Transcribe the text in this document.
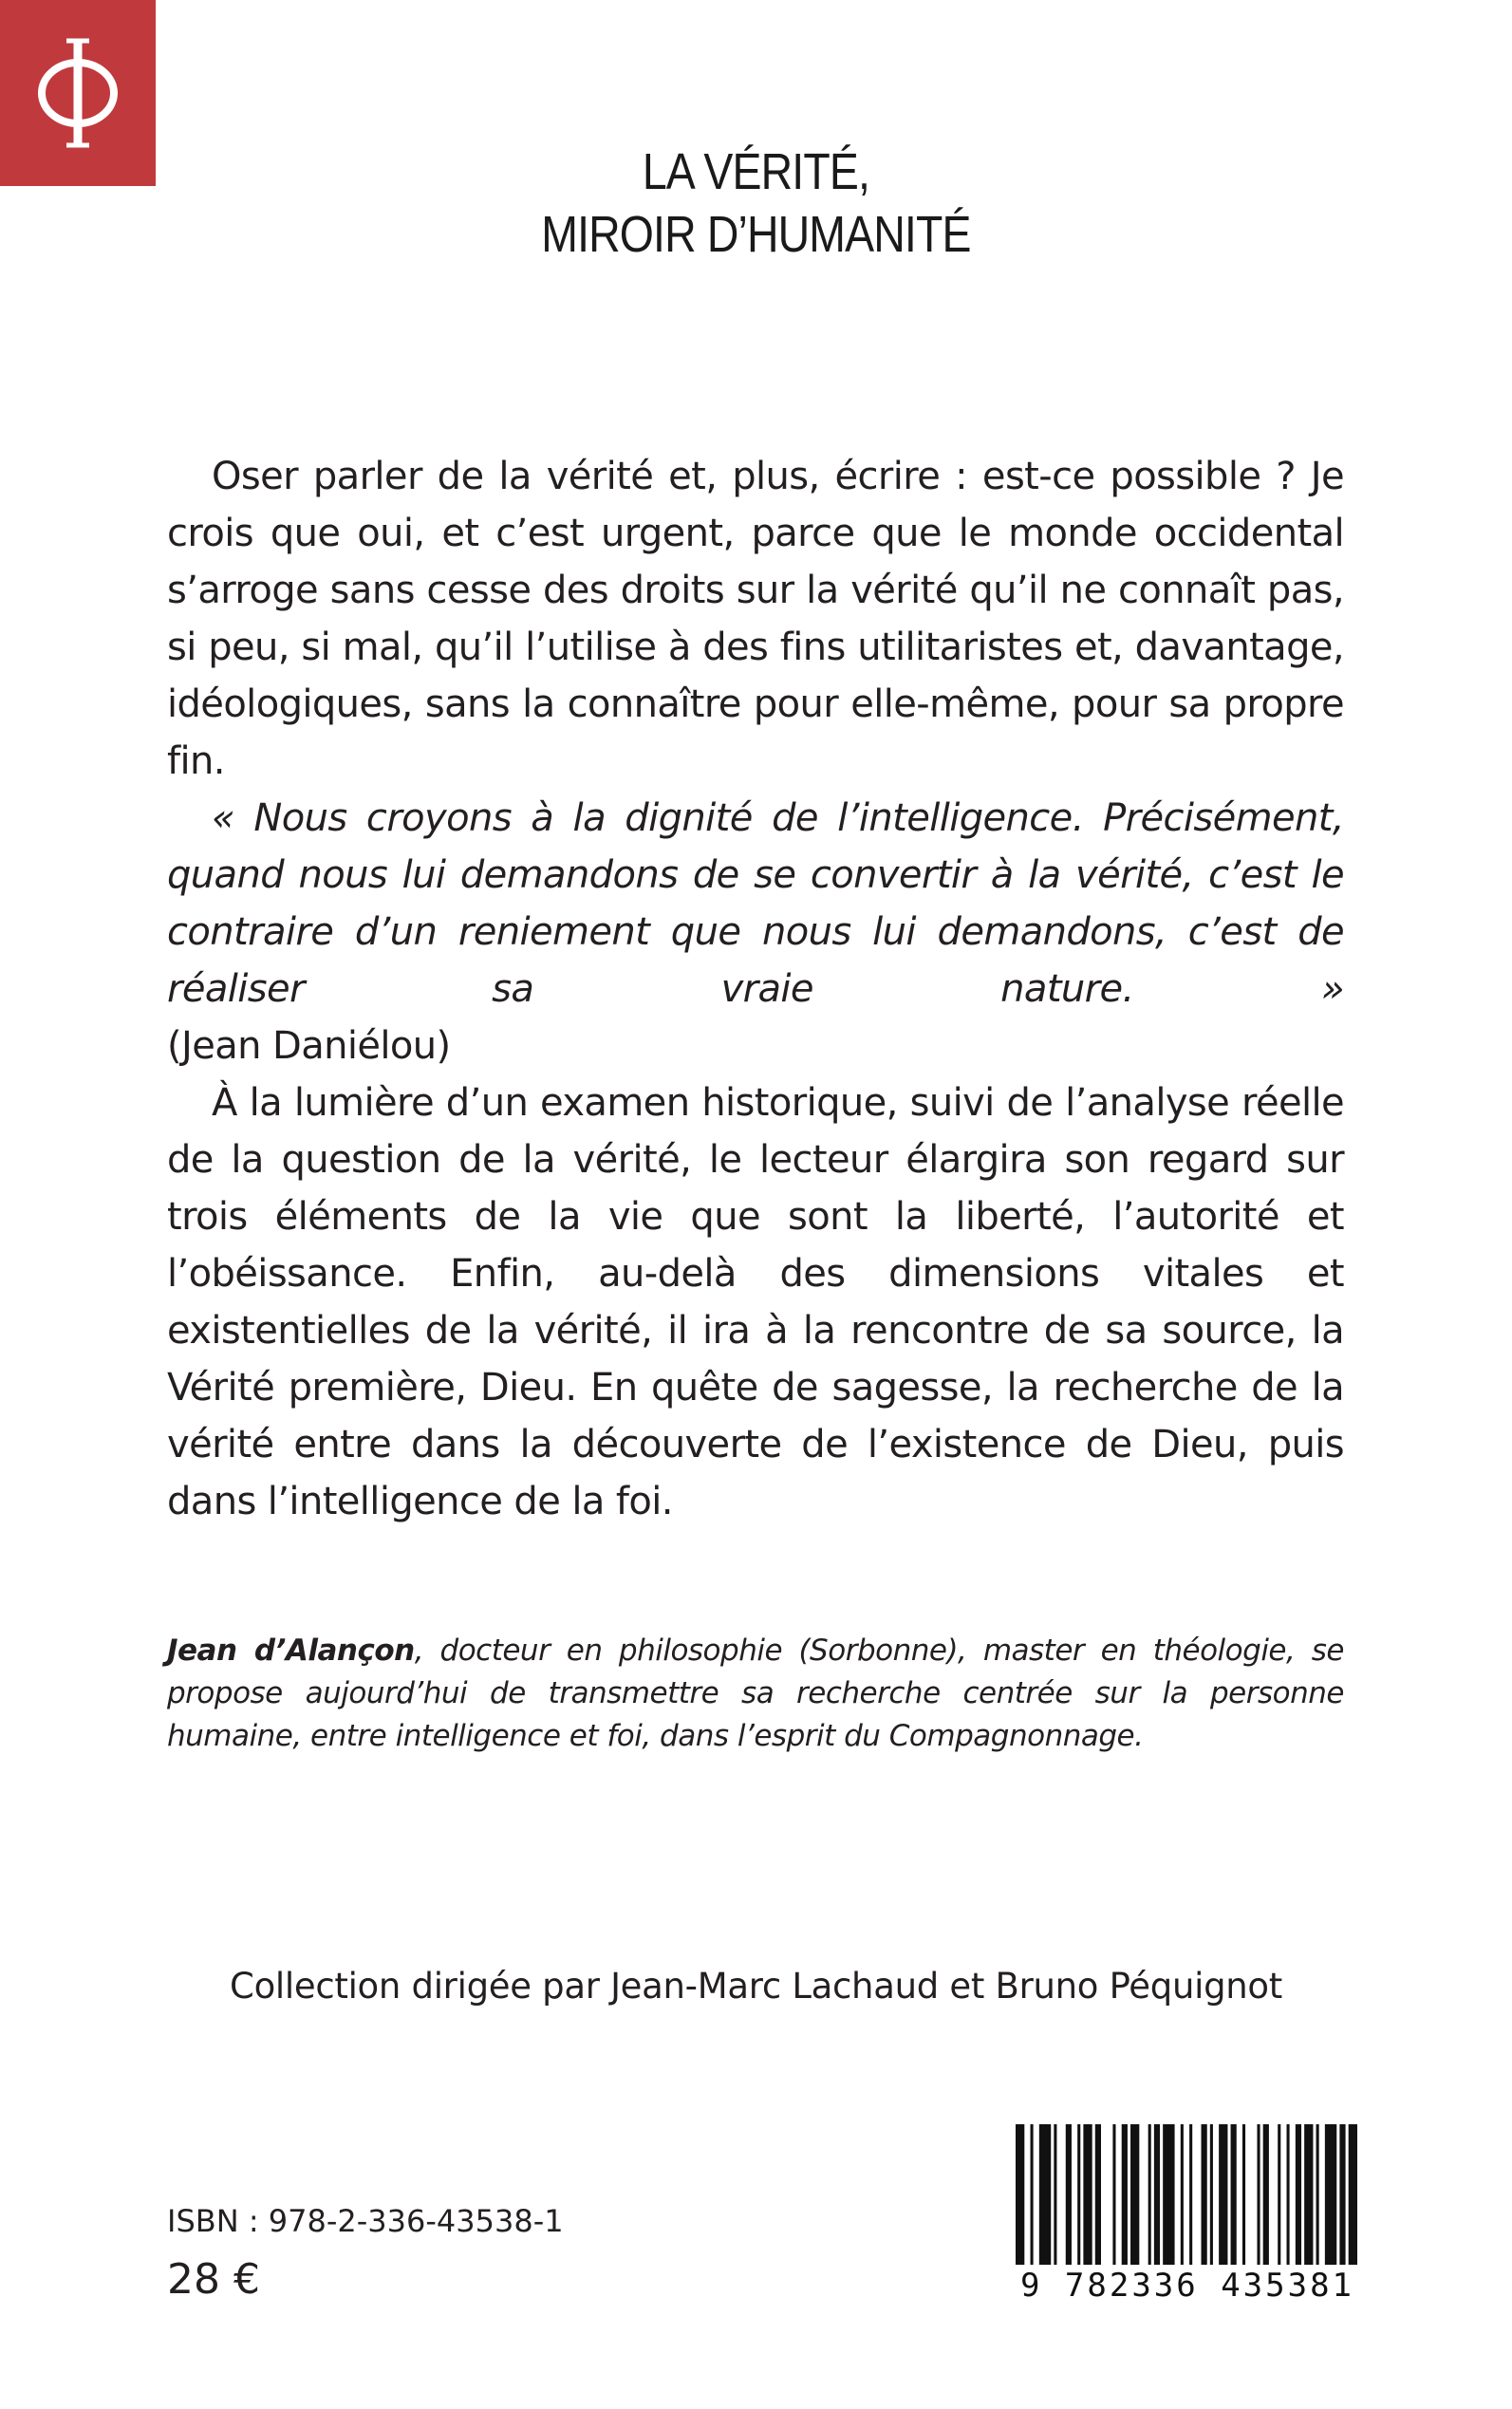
LA VÉRITÉ,
MIROIR D’HUMANITÉ

Oser parler de la vérité et, plus, écrire : est-ce possible ? Je crois que oui, et c’est urgent, parce que le monde occidental s’arroge sans cesse des droits sur la vérité qu’il ne connaît pas, si peu, si mal, qu’il l’utilise à des fins utilitaristes et, davantage, idéologiques, sans la connaître pour elle-même, pour sa propre fin.

« Nous croyons à la dignité de l’intelligence. Précisément, quand nous lui demandons de se convertir à la vérité, c’est le contraire d’un reniement que nous lui demandons, c’est de réaliser sa vraie nature. »

(Jean Daniélou)

À la lumière d’un examen historique, suivi de l’analyse réelle de la question de la vérité, le lecteur élargira son regard sur trois éléments de la vie que sont la liberté, l’autorité et l’obéissance. Enfin, au-delà des dimensions vitales et existentielles de la vérité, il ira à la rencontre de sa source, la Vérité première, Dieu. En quête de sagesse, la recherche de la vérité entre dans la découverte de l’existence de Dieu, puis dans l’intelligence de la foi.

Jean d’Alançon, docteur en philosophie (Sorbonne), master en théologie, se propose aujourd’hui de transmettre sa recherche centrée sur la personne humaine, entre intelligence et foi, dans l’esprit du Compagnonnage.
Collection dirigée par Jean-Marc Lachaud et Bruno Péquignot
ISBN : 978-2-336-43538-1
28 €	9 782336 435381
